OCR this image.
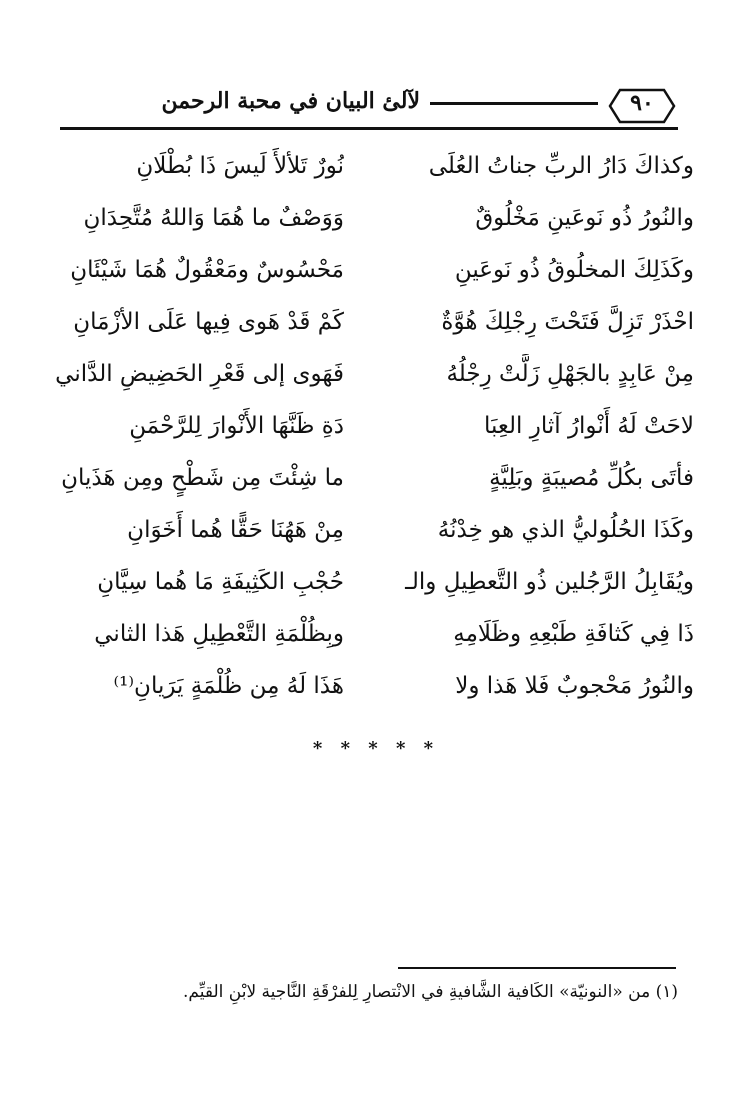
٩٠
لآلئ البيان في محبة الرحمن
وكذاكَ دَارُ الربِّ جناتُ العُلَى
نُورٌ تَلألأَ لَيسَ ذَا بُطْلَانِ
والنُورُ ذُو نَوعَينِ مَخْلُوقٌ
وَوَصْفٌ ما هُمَا وَاللهُ مُتَّحِدَانِ
وكَذَلِكَ المخلُوقُ ذُو نَوعَينِ
مَحْسُوسٌ ومَعْقُولٌ هُمَا شَيْئَانِ
احْذَرْ تَزِلَّ فَتَحْتَ رِجْلِكَ هُوَّةٌ
كَمْ قَدْ هَوى فِيها عَلَى الأزْمَانِ
مِنْ عَابِدٍ بالجَهْلِ زَلَّتْ رِجْلُهُ
فَهَوى إلى قَعْرِ الحَضِيضِ الدَّاني
لاحَتْ لَهُ أَنْوارُ آثارِ العِبَا
دَةِ ظَنَّهَا الأَنْوارَ لِلرَّحْمَنِ
فأتَى بكُلِّ مُصيبَةٍ وبَلِيَّةٍ
ما شِئْتَ مِن شَطْحٍ ومِن هَذَيانِ
وكَذَا الحُلُوليُّ الذي هو خِدْنُهُ
مِنْ هَهُنَا حَقًّا هُما أَخَوَانِ
ويُقَابِلُ الرَّجُلين ذُو التَّعطِيلِ والـ
حُجْبِ الكَثِيفَةِ مَا هُما سِيَّانِ
ذَا فِي كَثافَةِ طَبْعِهِ وظَلَامِهِ
وبِظُلْمَةِ التَّعْطِيلِ هَذا الثاني
والنُورُ مَحْجوبٌ فَلا هَذا ولا
هَذَا لَهُ مِن ظُلْمَةٍ يَرَيانِ⁽¹⁾
* * * * *
(١) من «النونيّة» الكَافية الشَّافيةِ في الانْتصارِ لِلفرْقَةِ النَّاجية لابْنِ القيِّم.
